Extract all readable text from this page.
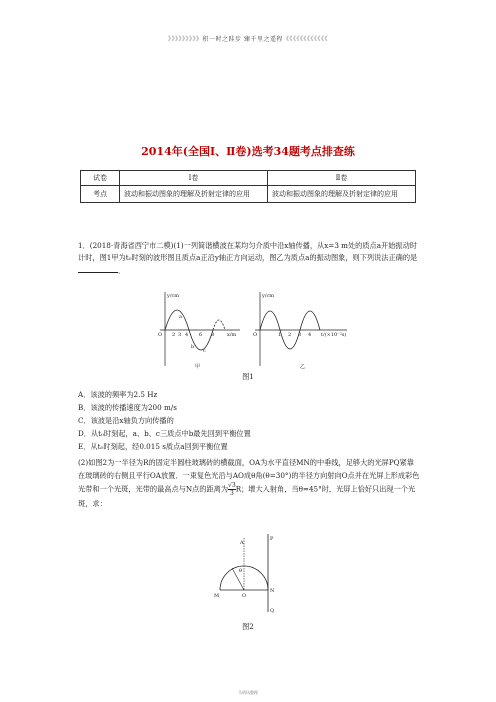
》》》》》》》》》积一时之跬步 臻千里之遥程《《《《《《《《《《《《
2014年(全国Ⅰ、Ⅱ卷)选考34题考点排查练
试卷	Ⅰ卷	Ⅱ卷
考点	波动和振动图象的理解及折射定律的应用	波动和振动图象的理解及折射定律的应用
1．(2018·青海省西宁市二模)(1)一列简谐横波在某均匀介质中沿x轴传播，从x=3 m处的质点a开始振动时计时，图1甲为t₀时刻的波形图且质点a正沿y轴正方向运动，图乙为质点a的振动图象，则下列说法正确的是．
y/cm
x/m
O 2 3 4 6 8
a
b
c
甲
y/cm
t/(×10⁻²s)
O	1 2 3 4
乙
图1
A．该波的频率为2.5 Hz
B．该波的传播速度为200 m/s
C．该波是沿x轴负方向传播的
D．从t₀时刻起，a、b、c三质点中b最先回到平衡位置
E．从t₀时刻起，经0.015 s质点a回到平衡位置
(2)如图2为一半径为R的固定半圆柱玻璃砖的横截面，OA为水平直径MN的中垂线，足够大的光屏PQ紧靠在玻璃砖的右侧且平行OA放置．一束复色光沿与AO成θ角(θ=30°)的半径方向射向O点并在光屏上形成彩色光带和一个光斑，光带的最高点与N点的距离为 $\frac{√3}{3}$ R；增大入射角，当θ=45°时，光屏上恰好只出现一个光斑，求：
A
θ
O
M
N
P
Q
图2
马明风整理
